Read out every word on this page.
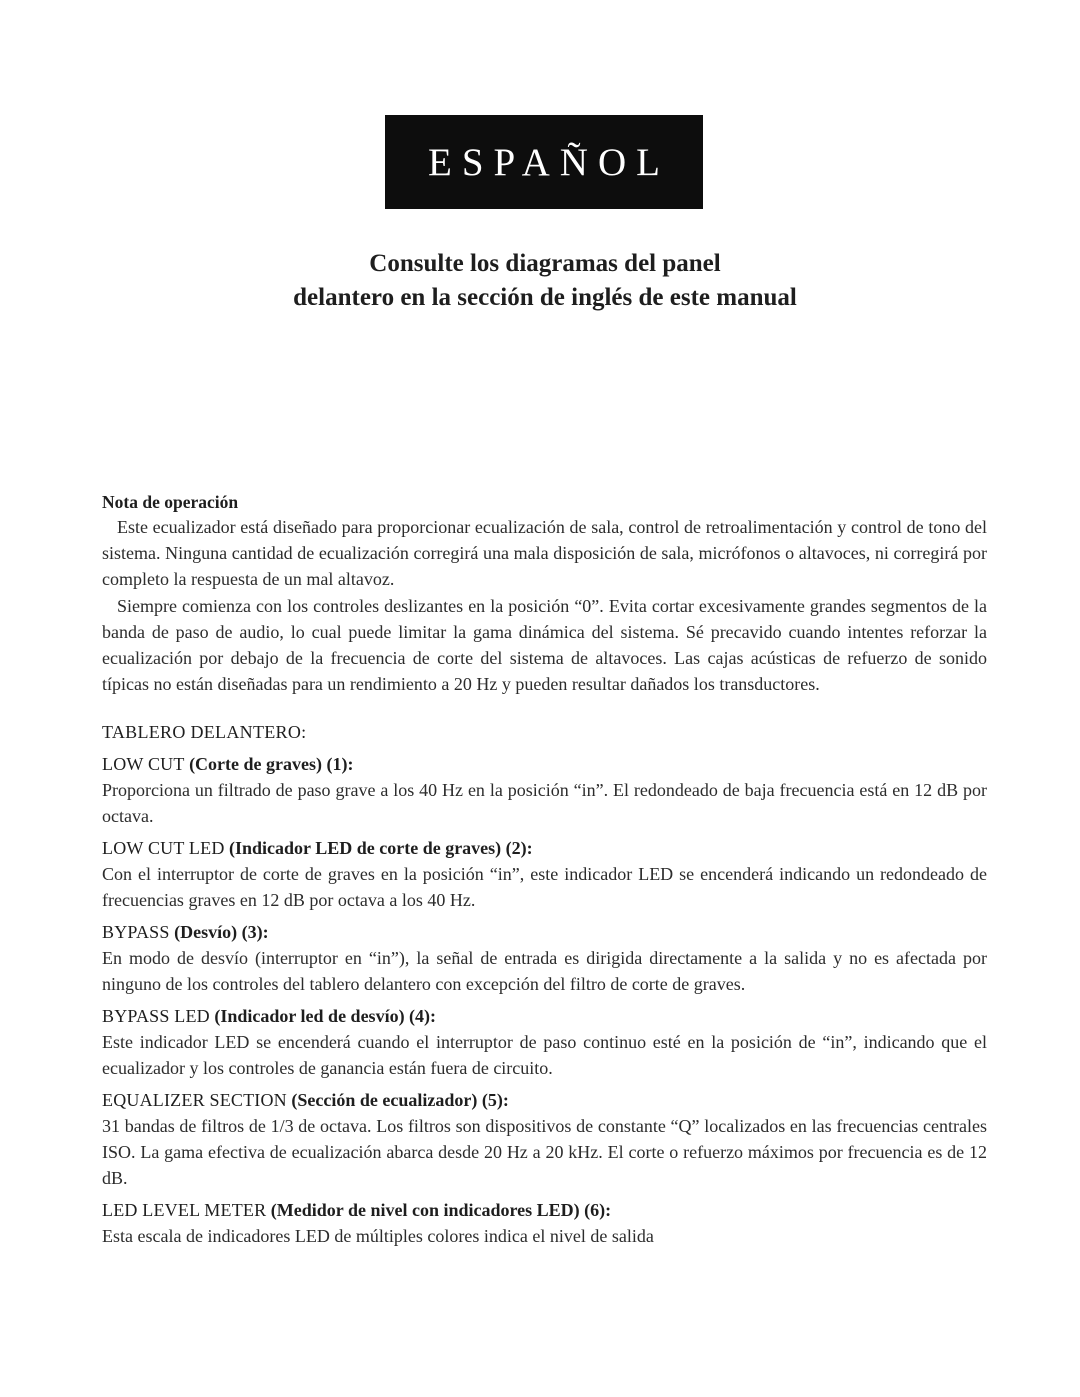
ESPAÑOL
Consulte los diagramas del panel
delantero en la sección de inglés de este manual
Nota de operación

Este ecualizador está diseñado para proporcionar ecualización de sala, control de retroalimentación y control de tono del sistema. Ninguna cantidad de ecualización corregirá una mala disposición de sala, micrófonos o altavoces, ni corregirá por completo la respuesta de un mal altavoz.

Siempre comienza con los controles deslizantes en la posición “0”. Evita cortar excesivamente grandes segmentos de la banda de paso de audio, lo cual puede limitar la gama dinámica del sistema. Sé precavido cuando intentes reforzar la ecualización por debajo de la frecuencia de corte del sistema de altavoces. Las cajas acústicas de refuerzo de sonido típicas no están diseñadas para un rendimiento a 20 Hz y pueden resultar dañados los transductores.

TABLERO DELANTERO:
LOW CUT (Corte de graves) (1):

Proporciona un filtrado de paso grave a los 40 Hz en la posición “in”. El redondeado de baja frecuencia está en 12 dB por octava.

LOW CUT LED (Indicador LED de corte de graves) (2):

Con el interruptor de corte de graves en la posición “in”, este indicador LED se encenderá indicando un redondeado de frecuencias graves en 12 dB por octava a los 40 Hz.

BYPASS (Desvío) (3):

En modo de desvío (interruptor en “in”), la señal de entrada es dirigida directamente a la salida y no es afectada por ninguno de los controles del tablero delantero con excepción del filtro de corte de graves.

BYPASS LED (Indicador led de desvío) (4):

Este indicador LED se encenderá cuando el interruptor de paso continuo esté en la posición de “in”, indicando que el ecualizador y los controles de ganancia están fuera de circuito.

EQUALIZER SECTION (Sección de ecualizador) (5):

31 bandas de filtros de 1/3 de octava. Los filtros son dispositivos de constante “Q” localizados en las frecuencias centrales ISO. La gama efectiva de ecualización abarca desde 20 Hz a 20 kHz. El corte o refuerzo máximos por frecuencia es de 12 dB.

LED LEVEL METER (Medidor de nivel con indicadores LED) (6):

Esta escala de indicadores LED de múltiples colores indica el nivel de salida
